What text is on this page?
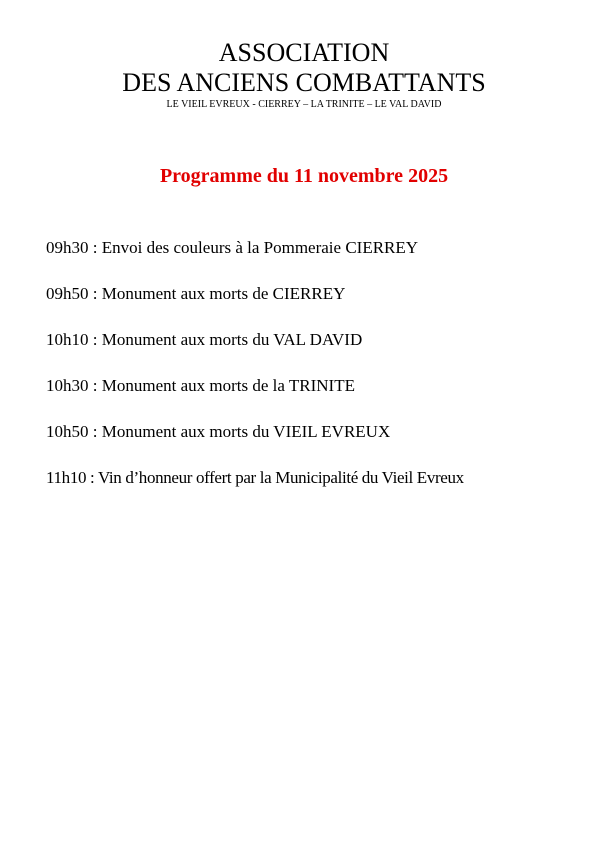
ASSOCIATION

DES ANCIENS COMBATTANTS

LE VIEIL EVREUX - CIERREY – LA TRINITE – LE VAL DAVID

Programme du 11 novembre 2025

09h30 : Envoi des couleurs à la Pommeraie CIERREY
09h50 : Monument aux morts de CIERREY
10h10 : Monument aux morts du VAL DAVID
10h30 : Monument aux morts de la TRINITE
10h50 : Monument aux morts du VIEIL EVREUX
11h10 : Vin d’honneur offert par la Municipalité du Vieil Evreux
